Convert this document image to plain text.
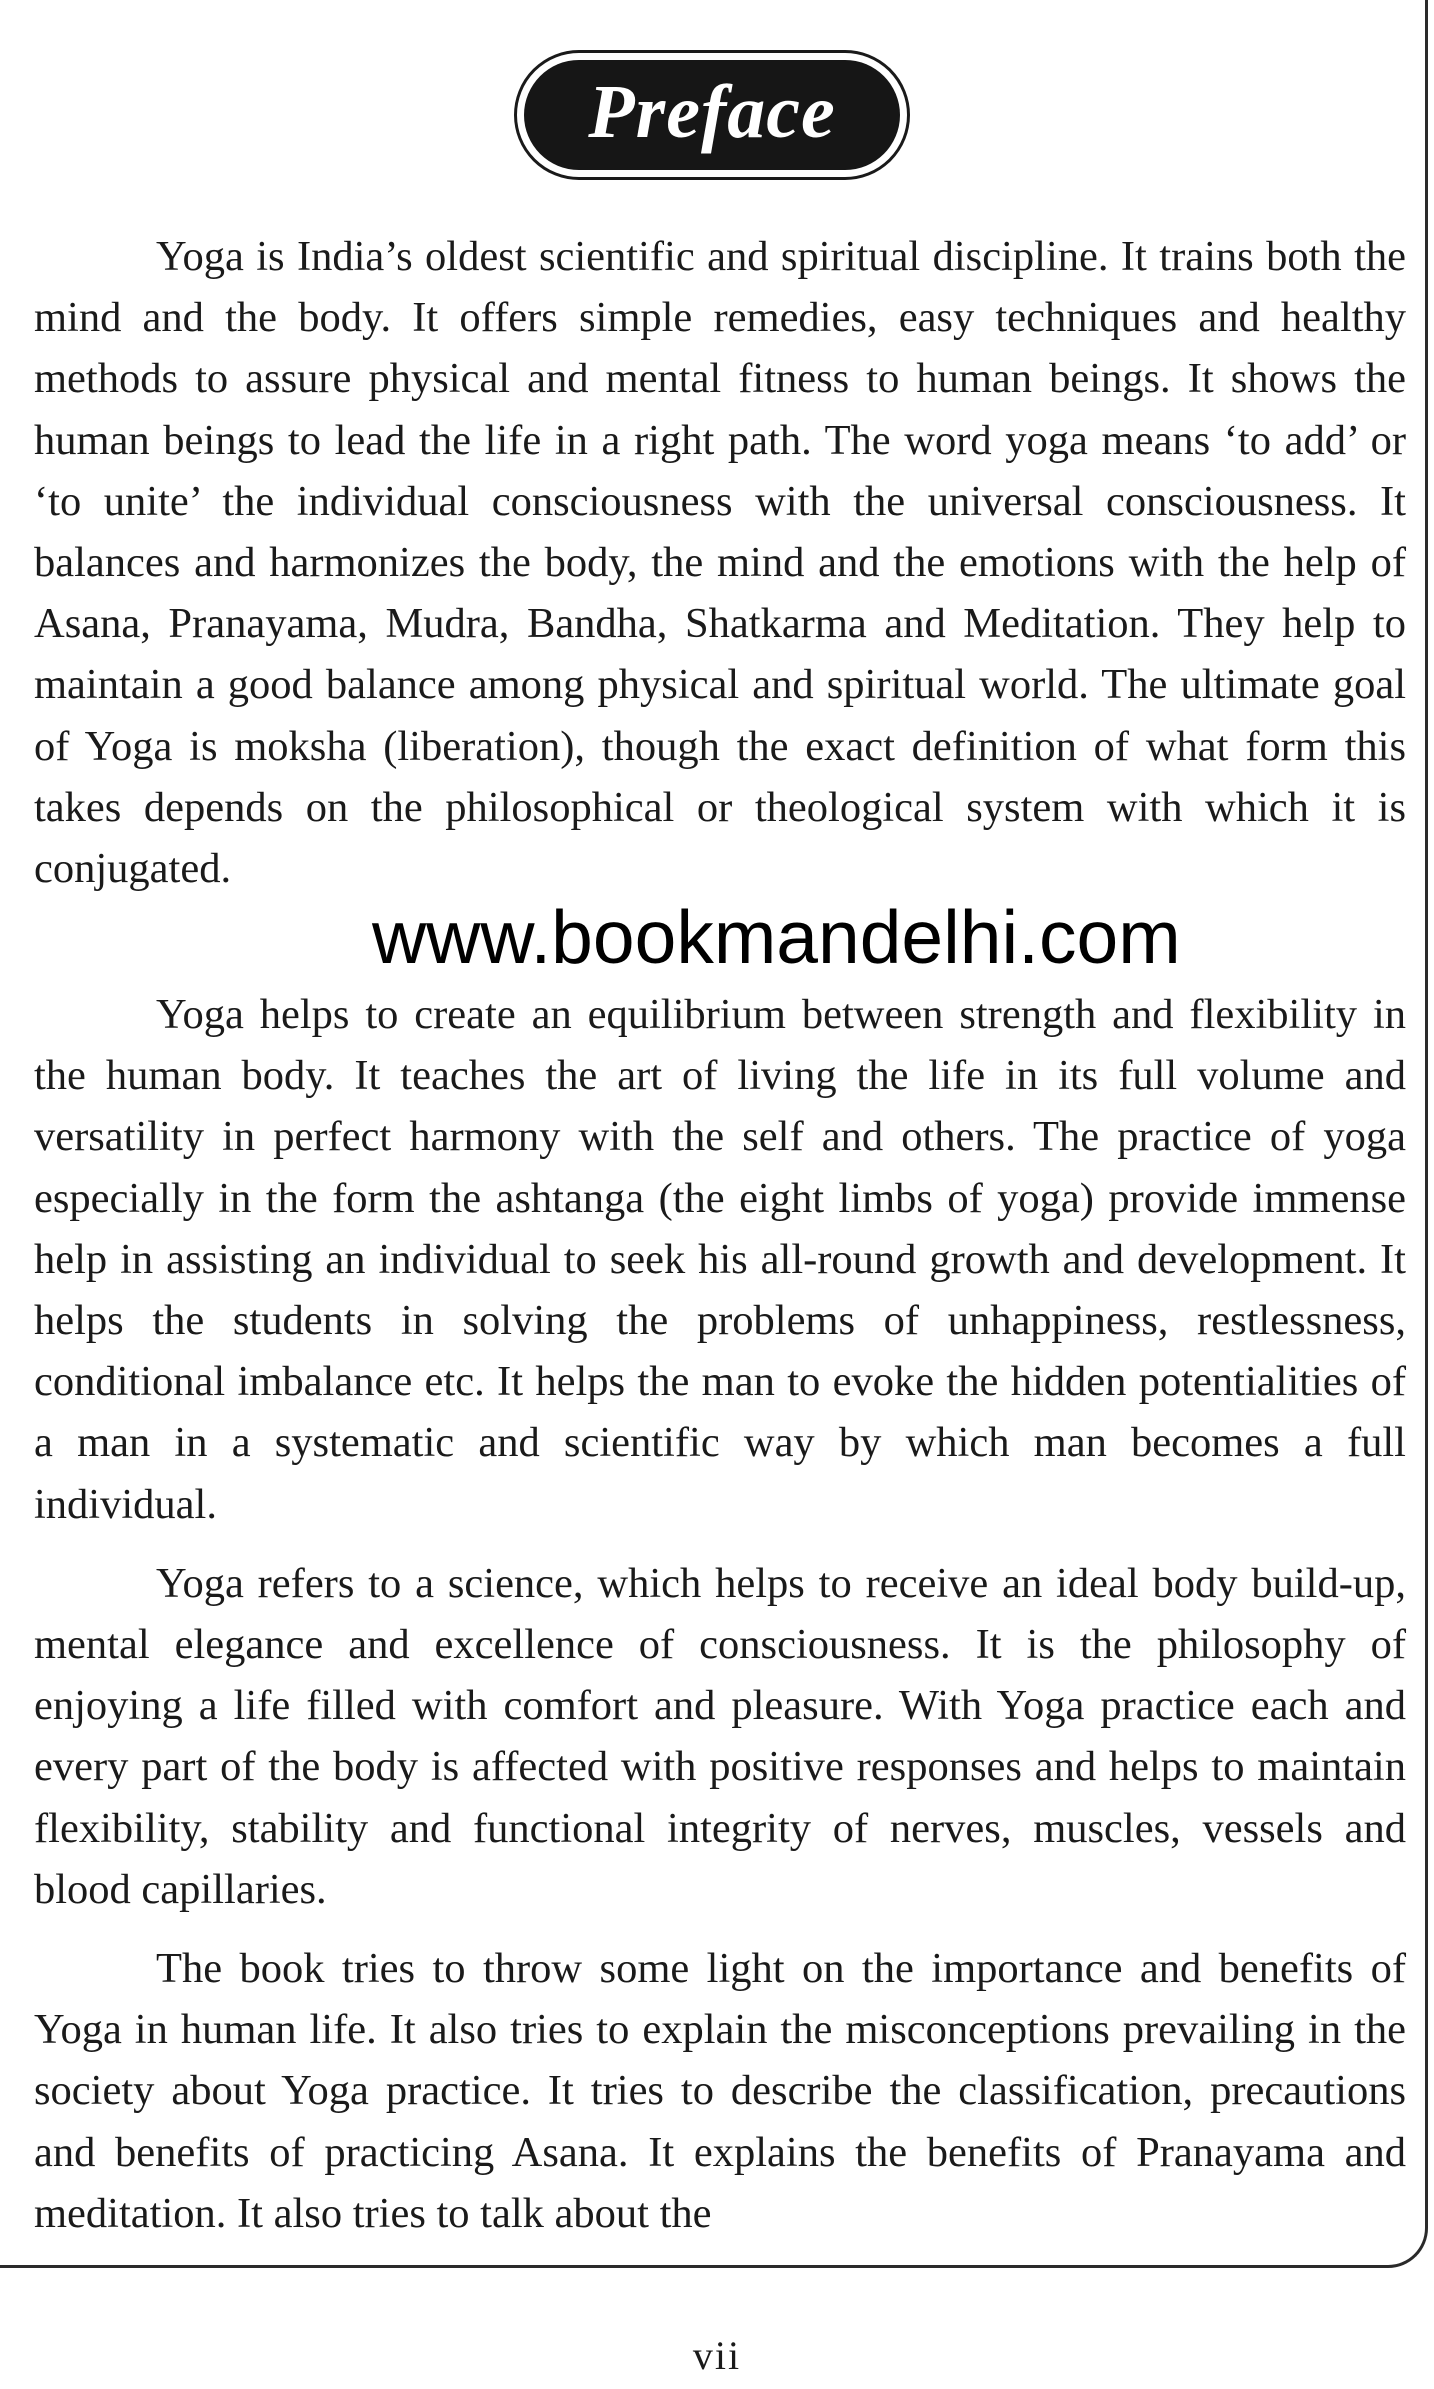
Preface

Yoga is India’s oldest scientific and spiritual discipline. It trains both the mind and the body. It offers simple remedies, easy techniques and healthy methods to assure physical and mental fitness to human beings. It shows the human beings to lead the life in a right path. The word yoga means ‘to add’ or ‘to unite’ the individual consciousness with the universal consciousness. It balances and harmonizes the body, the mind and the emotions with the help of Asana, Pranayama, Mudra, Bandha, Shatkarma and Meditation. They help to maintain a good balance among physical and spiritual world. The ultimate goal of Yoga is moksha (liberation), though the exact definition of what form this takes depends on the philosophical or theological system with which it is conjugated.

www.bookmandelhi.com

Yoga helps to create an equilibrium between strength and flexibility in the human body. It teaches the art of living the life in its full volume and versatility in perfect harmony with the self and others. The practice of yoga especially in the form the ashtanga (the eight limbs of yoga) provide immense help in assisting an individual to seek his all-round growth and development. It helps the students in solving the problems of unhappiness, restlessness, conditional imbalance etc. It helps the man to evoke the hidden potentialities of a man in a systematic and scientific way by which man becomes a full individual.

Yoga refers to a science, which helps to receive an ideal body build-up, mental elegance and excellence of consciousness. It is the philosophy of enjoying a life filled with comfort and pleasure. With Yoga practice each and every part of the body is affected with positive responses and helps to maintain flexibility, stability and functional integrity of nerves, muscles, vessels and blood capillaries.

The book tries to throw some light on the importance and benefits of Yoga in human life. It also tries to explain the misconceptions prevailing in the society about Yoga practice. It tries to describe the classification, precautions and benefits of practicing Asana. It explains the benefits of Pranayama and meditation. It also tries to talk about the

vii
